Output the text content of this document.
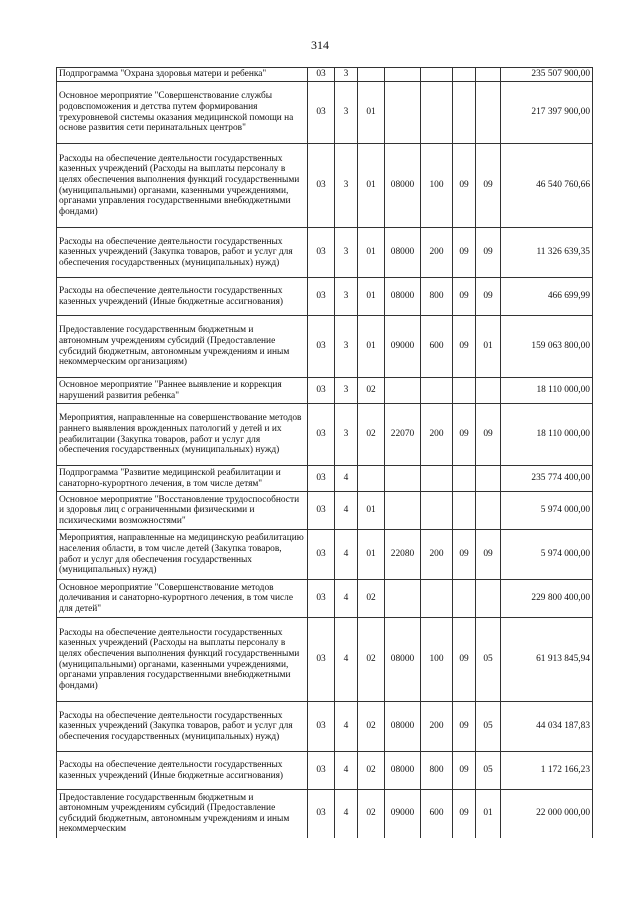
314
Подпрограмма "Охрана здоровья матери и ребенка"	03	3						235 507 900,00
Основное мероприятие "Совершенствование службы родовспоможения и детства путем формирования трехуровневой системы оказания медицинской помощи на основе развития сети перинатальных центров"	03	3	01					217 397 900,00
Расходы на обеспечение деятельности государственных казенных учреждений (Расходы на выплаты персоналу в целях обеспечения выполнения функций государственными (муниципальными) органами, казенными учреждениями, органами управления государственными внебюджетными фондами)	03	3	01	08000	100	09	09	46 540 760,66
Расходы на обеспечение деятельности государственных казенных учреждений (Закупка товаров, работ и услуг для обеспечения государственных (муниципальных) нужд)	03	3	01	08000	200	09	09	11 326 639,35
Расходы на обеспечение деятельности государственных казенных учреждений (Иные бюджетные ассигнования)	03	3	01	08000	800	09	09	466 699,99
Предоставление государственным бюджетным и автономным учреждениям субсидий (Предоставление субсидий бюджетным, автономным учреждениям и иным некоммерческим организациям)	03	3	01	09000	600	09	01	159 063 800,00
Основное мероприятие "Раннее выявление и коррекция нарушений развития ребенка"	03	3	02					18 110 000,00
Мероприятия, направленные на совершенствование методов раннего выявления врожденных патологий у детей и их реабилитации (Закупка товаров, работ и услуг для обеспечения государственных (муниципальных) нужд)	03	3	02	22070	200	09	09	18 110 000,00
Подпрограмма "Развитие медицинской реабилитации и санаторно-курортного лечения, в том числе детям"	03	4						235 774 400,00
Основное мероприятие "Восстановление трудоспособности и здоровья лиц с ограниченными физическими и психическими возможностями"	03	4	01					5 974 000,00
Мероприятия, направленные на медицинскую реабилитацию населения области, в том числе детей (Закупка товаров, работ и услуг для обеспечения государственных (муниципальных) нужд)	03	4	01	22080	200	09	09	5 974 000,00
Основное мероприятие "Совершенствование методов долечивания и санаторно-курортного лечения, в том числе для детей"	03	4	02					229 800 400,00
Расходы на обеспечение деятельности государственных казенных учреждений (Расходы на выплаты персоналу в целях обеспечения выполнения функций государственными (муниципальными) органами, казенными учреждениями, органами управления государственными внебюджетными фондами)	03	4	02	08000	100	09	05	61 913 845,94
Расходы на обеспечение деятельности государственных казенных учреждений (Закупка товаров, работ и услуг для обеспечения государственных (муниципальных) нужд)	03	4	02	08000	200	09	05	44 034 187,83
Расходы на обеспечение деятельности государственных казенных учреждений (Иные бюджетные ассигнования)	03	4	02	08000	800	09	05	1 172 166,23
Предоставление государственным бюджетным и автономным учреждениям субсидий (Предоставление субсидий бюджетным, автономным учреждениям и иным некоммерческим	03	4	02	09000	600	09	01	22 000 000,00
